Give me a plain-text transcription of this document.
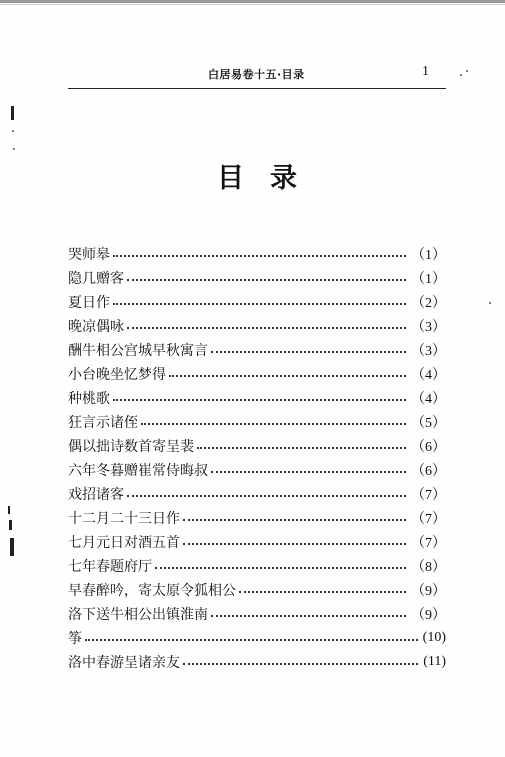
白居易卷十五·目录	1
目录
哭师皋	（1）
隐几赠客	（1）
夏日作	（2）
晚凉偶咏	（3）
酬牛相公宫城早秋寓言	（3）
小台晚坐忆梦得	（4）
种桃歌	（4）
狂言示诸侄	（5）
偶以拙诗数首寄呈裴	（6）
六年冬暮赠崔常侍晦叔	（6）
戏招诸客	（7）
十二月二十三日作	（7）
七月元日对酒五首	（7）
七年春题府厅	（8）
早春醉吟，寄太原令狐相公	（9）
洛下送牛相公出镇淮南	（9）
筝	(10)
洛中春游呈诸亲友	(11)
